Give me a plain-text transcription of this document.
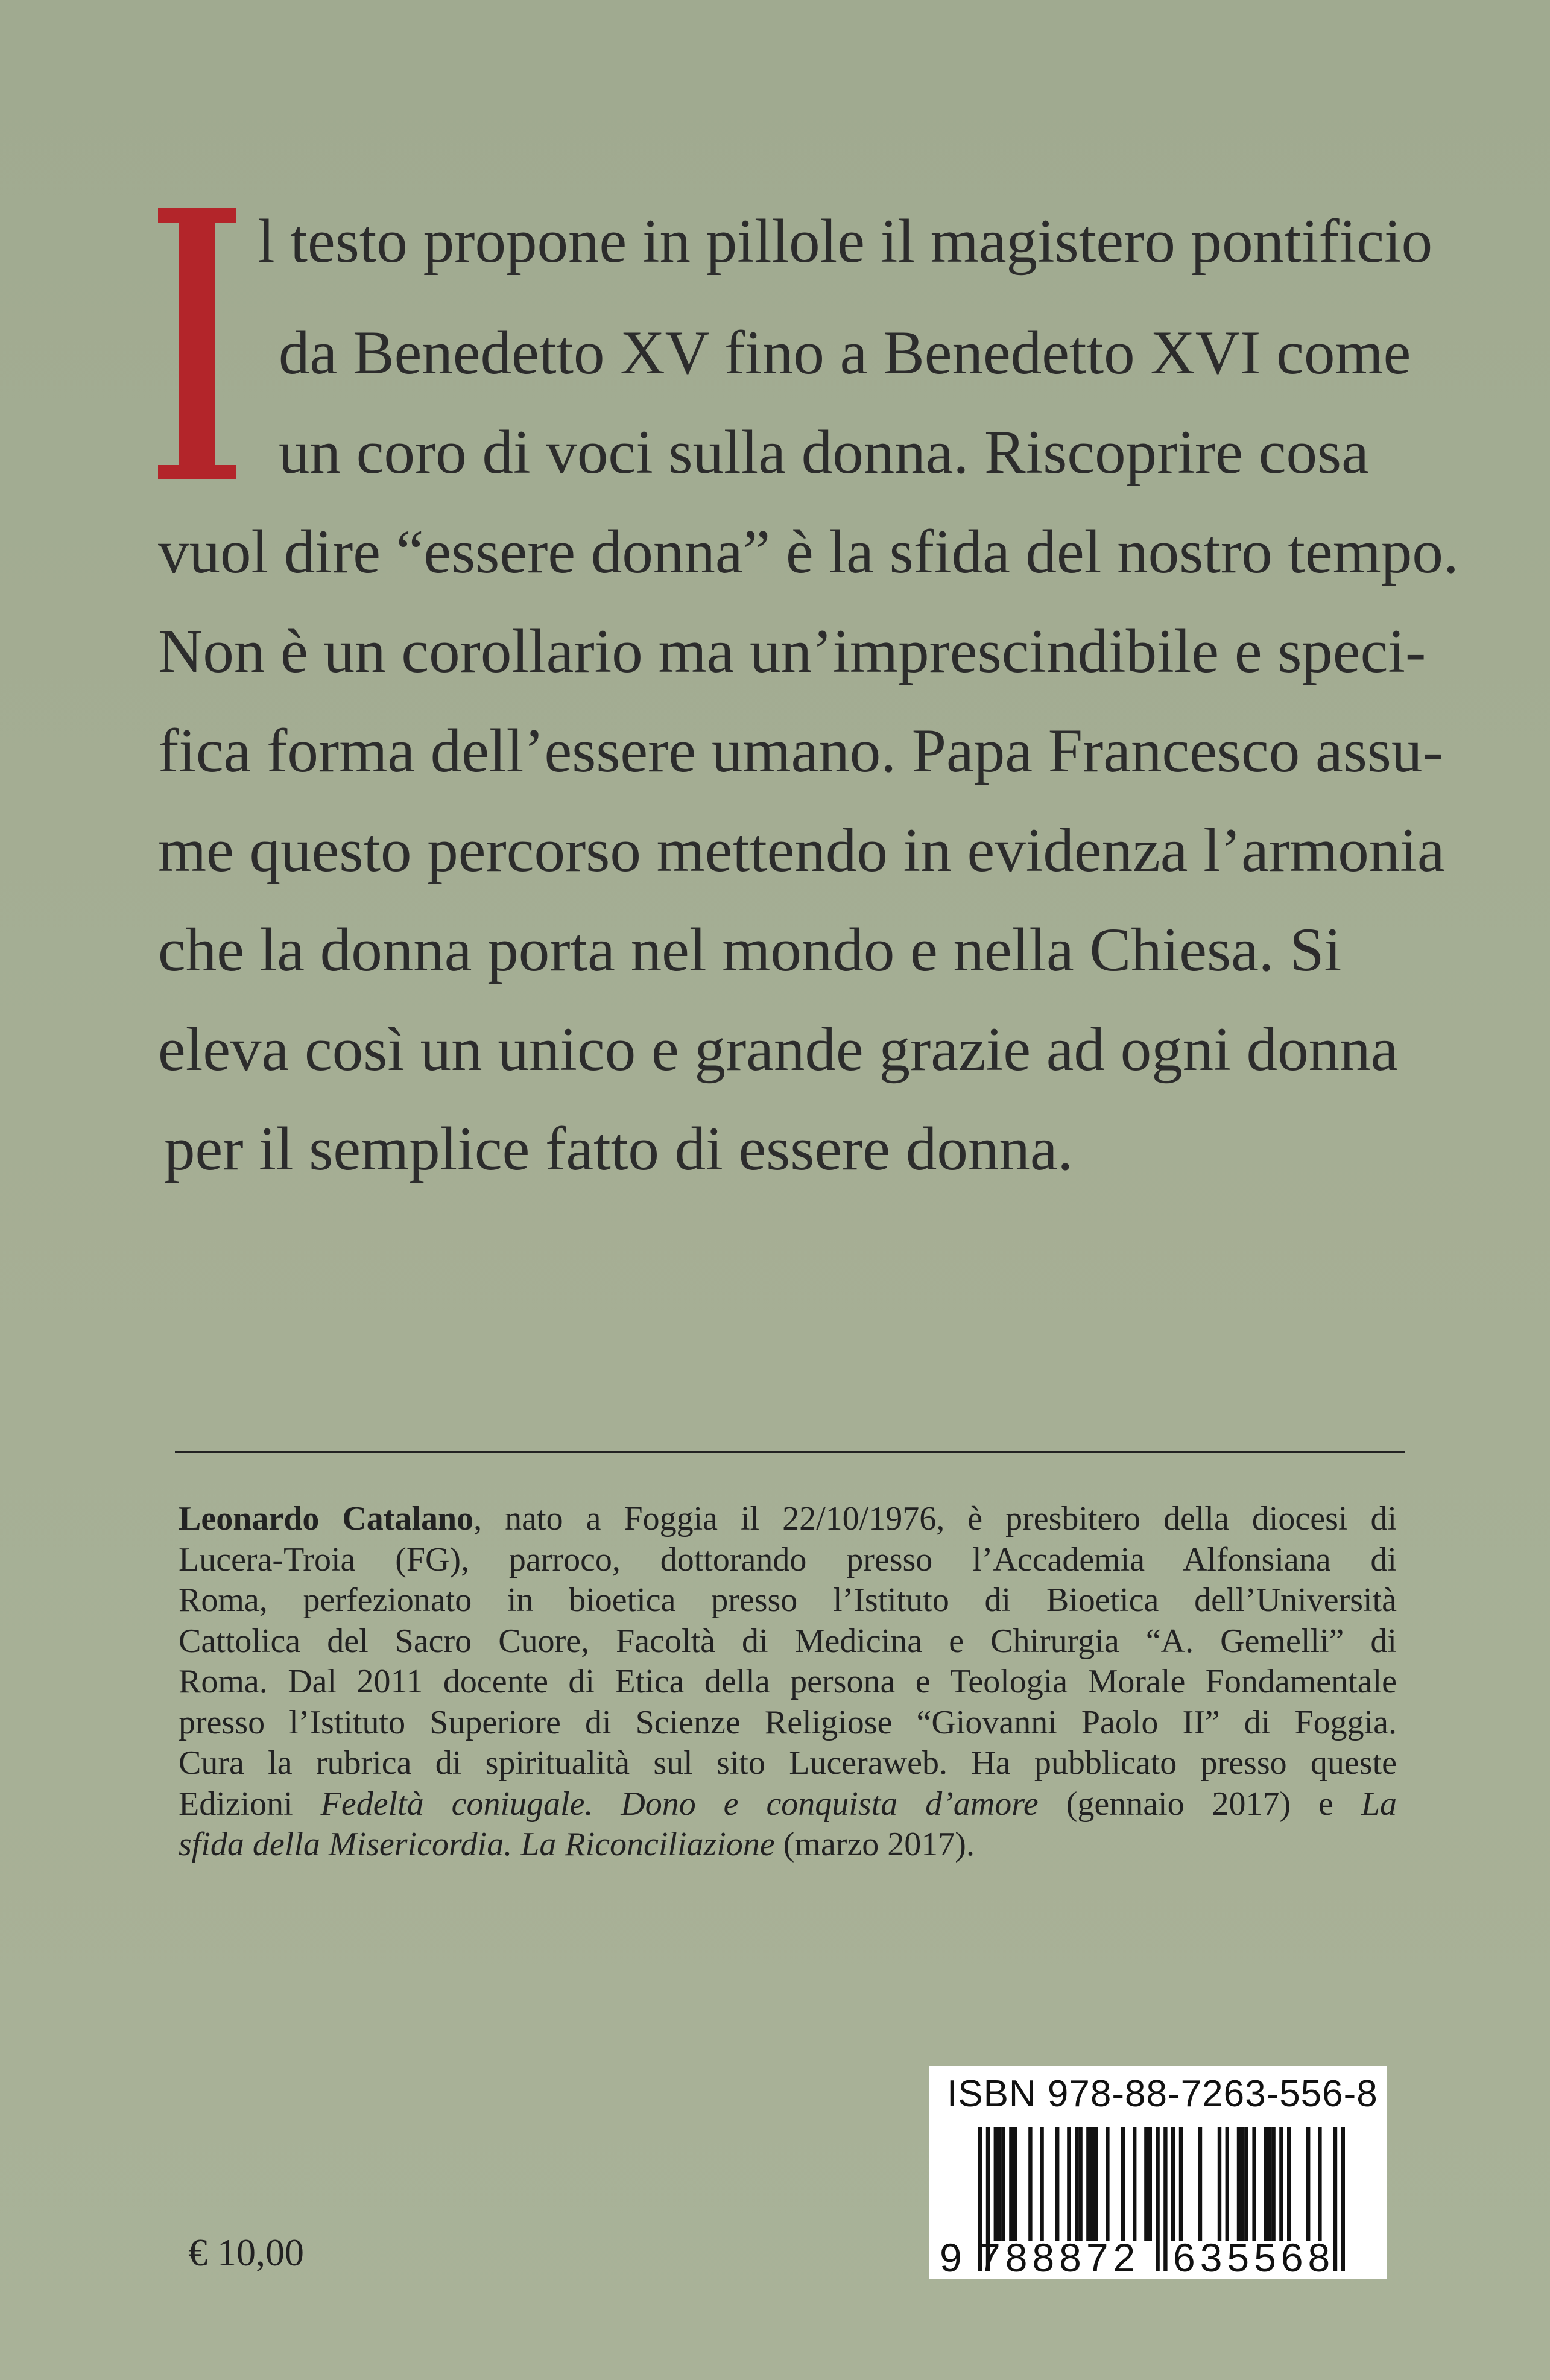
l testo propone in pillole il magistero pontificio
da Benedetto XV fino a Benedetto XVI come
un coro di voci sulla donna. Riscoprire cosa
vuol dire “essere donna” è la sfida del nostro tempo.
Non è un corollario ma un’imprescindibile e speci-
fica forma dell’essere umano. Papa Francesco assu-
me questo percorso mettendo in evidenza l’armonia
che la donna porta nel mondo e nella Chiesa. Si
eleva così un unico e grande grazie ad ogni donna
per il semplice fatto di essere donna.
Leonardo Catalano, nato a Foggia il 22/10/1976, è presbitero della diocesi di
Lucera-Troia (FG), parroco, dottorando presso l’Accademia Alfonsiana di
Roma, perfezionato in bioetica presso l’Istituto di Bioetica dell’Università
Cattolica del Sacro Cuore, Facoltà di Medicina e Chirurgia “A. Gemelli” di
Roma. Dal 2011 docente di Etica della persona e Teologia Morale Fondamentale
presso l’Istituto Superiore di Scienze Religiose “Giovanni Paolo II” di Foggia.
Cura la rubrica di spiritualità sul sito Luceraweb. Ha pubblicato presso queste
Edizioni Fedeltà coniugale. Dono e conquista d’amore (gennaio 2017) e La
sfida della Misericordia. La Riconciliazione (marzo 2017).
€ 10,00
ISBN 978-88-7263-556-8
9 788872 635568
